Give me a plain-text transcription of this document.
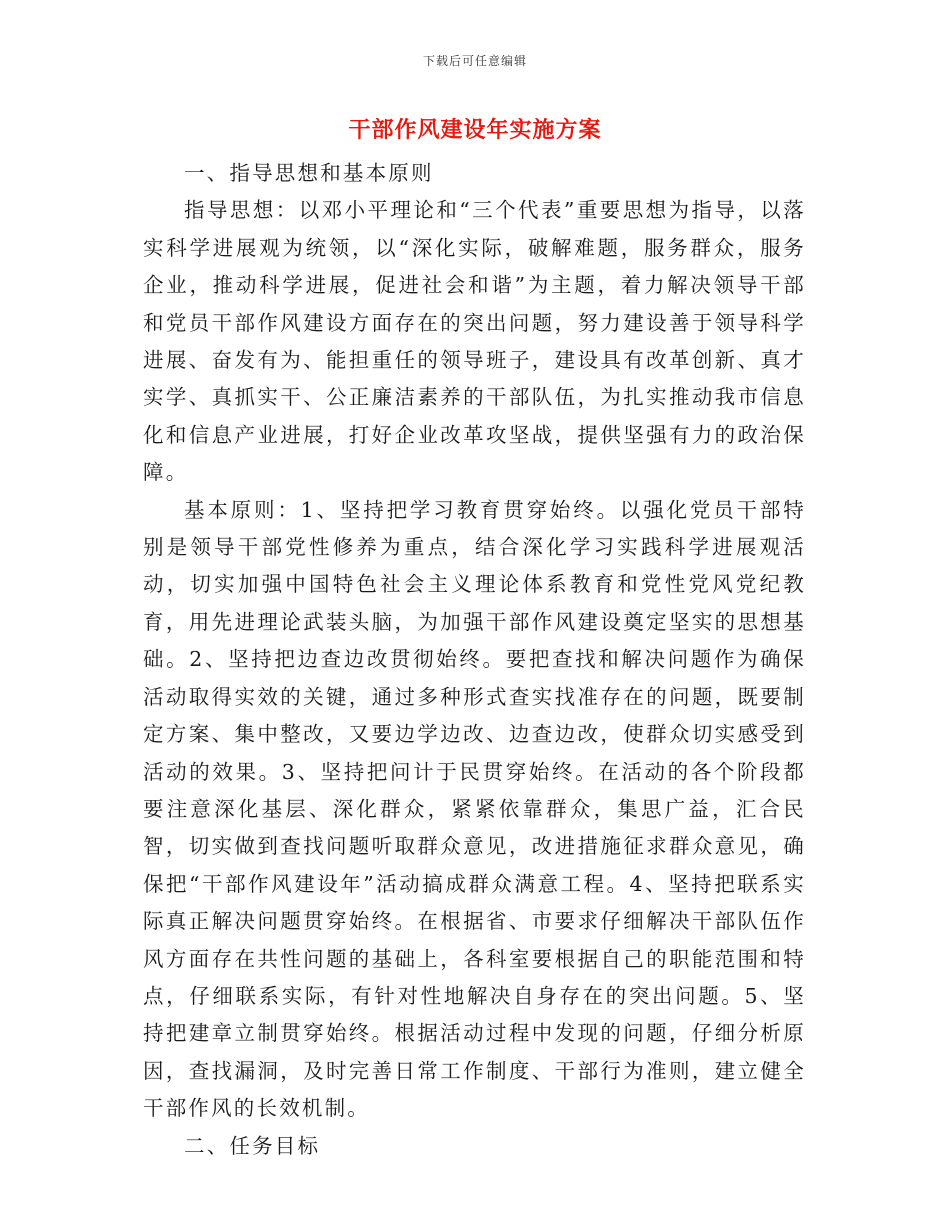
下载后可任意编辑
干部作风建设年实施方案

一、指导思想和基本原则

指导思想：以邓小平理论和“三个代表”重要思想为指导，以落实科学进展观为统领，以“深化实际，破解难题，服务群众，服务企业，推动科学进展，促进社会和谐”为主题，着力解决领导干部和党员干部作风建设方面存在的突出问题，努力建设善于领导科学进展、奋发有为、能担重任的领导班子，建设具有改革创新、真才实学、真抓实干、公正廉洁素养的干部队伍，为扎实推动我市信息化和信息产业进展，打好企业改革攻坚战，提供坚强有力的政治保障。

基本原则：1、坚持把学习教育贯穿始终。以强化党员干部特别是领导干部党性修养为重点，结合深化学习实践科学进展观活动，切实加强中国特色社会主义理论体系教育和党性党风党纪教育，用先进理论武装头脑，为加强干部作风建设奠定坚实的思想基础。2、坚持把边查边改贯彻始终。要把查找和解决问题作为确保活动取得实效的关键，通过多种形式查实找准存在的问题，既要制定方案、集中整改，又要边学边改、边查边改，使群众切实感受到活动的效果。3、坚持把问计于民贯穿始终。在活动的各个阶段都要注意深化基层、深化群众，紧紧依靠群众，集思广益，汇合民智，切实做到查找问题听取群众意见，改进措施征求群众意见，确保把“干部作风建设年”活动搞成群众满意工程。4、坚持把联系实际真正解决问题贯穿始终。在根据省、市要求仔细解决干部队伍作风方面存在共性问题的基础上，各科室要根据自己的职能范围和特点，仔细联系实际，有针对性地解决自身存在的突出问题。5、坚持把建章立制贯穿始终。根据活动过程中发现的问题，仔细分析原因，查找漏洞，及时完善日常工作制度、干部行为准则，建立健全干部作风的长效机制。

二、任务目标
